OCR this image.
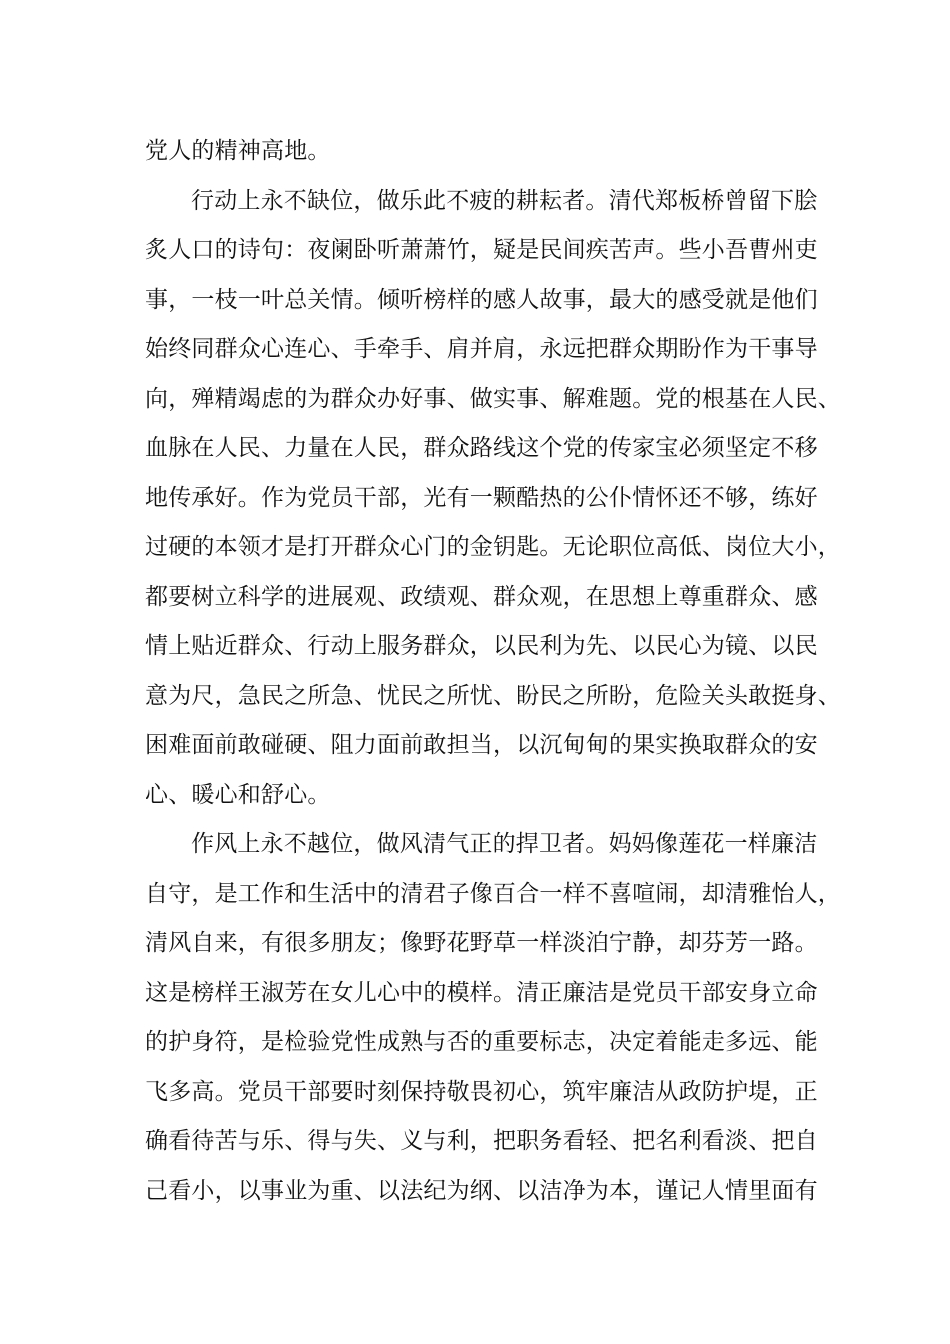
党人的精神高地。
行动上永不缺位，做乐此不疲的耕耘者。清代郑板桥曾留下脍
炙人口的诗句：夜阑卧听萧萧竹，疑是民间疾苦声。些小吾曹州吏
事，一枝一叶总关情。倾听榜样的感人故事，最大的感受就是他们
始终同群众心连心、手牵手、肩并肩，永远把群众期盼作为干事导
向，殚精竭虑的为群众办好事、做实事、解难题。党的根基在人民、
血脉在人民、力量在人民，群众路线这个党的传家宝必须坚定不移
地传承好。作为党员干部，光有一颗酷热的公仆情怀还不够，练好
过硬的本领才是打开群众心门的金钥匙。无论职位高低、岗位大小，
都要树立科学的进展观、政绩观、群众观，在思想上尊重群众、感
情上贴近群众、行动上服务群众，以民利为先、以民心为镜、以民
意为尺，急民之所急、忧民之所忧、盼民之所盼，危险关头敢挺身、
困难面前敢碰硬、阻力面前敢担当，以沉甸甸的果实换取群众的安
心、暖心和舒心。
作风上永不越位，做风清气正的捍卫者。妈妈像莲花一样廉洁
自守，是工作和生活中的清君子像百合一样不喜喧闹，却清雅怡人，
清风自来，有很多朋友；像野花野草一样淡泊宁静，却芬芳一路。
这是榜样王淑芳在女儿心中的模样。清正廉洁是党员干部安身立命
的护身符，是检验党性成熟与否的重要标志，决定着能走多远、能
飞多高。党员干部要时刻保持敬畏初心，筑牢廉洁从政防护堤，正
确看待苦与乐、得与失、义与利，把职务看轻、把名利看淡、把自
己看小，以事业为重、以法纪为纲、以洁净为本，谨记人情里面有
